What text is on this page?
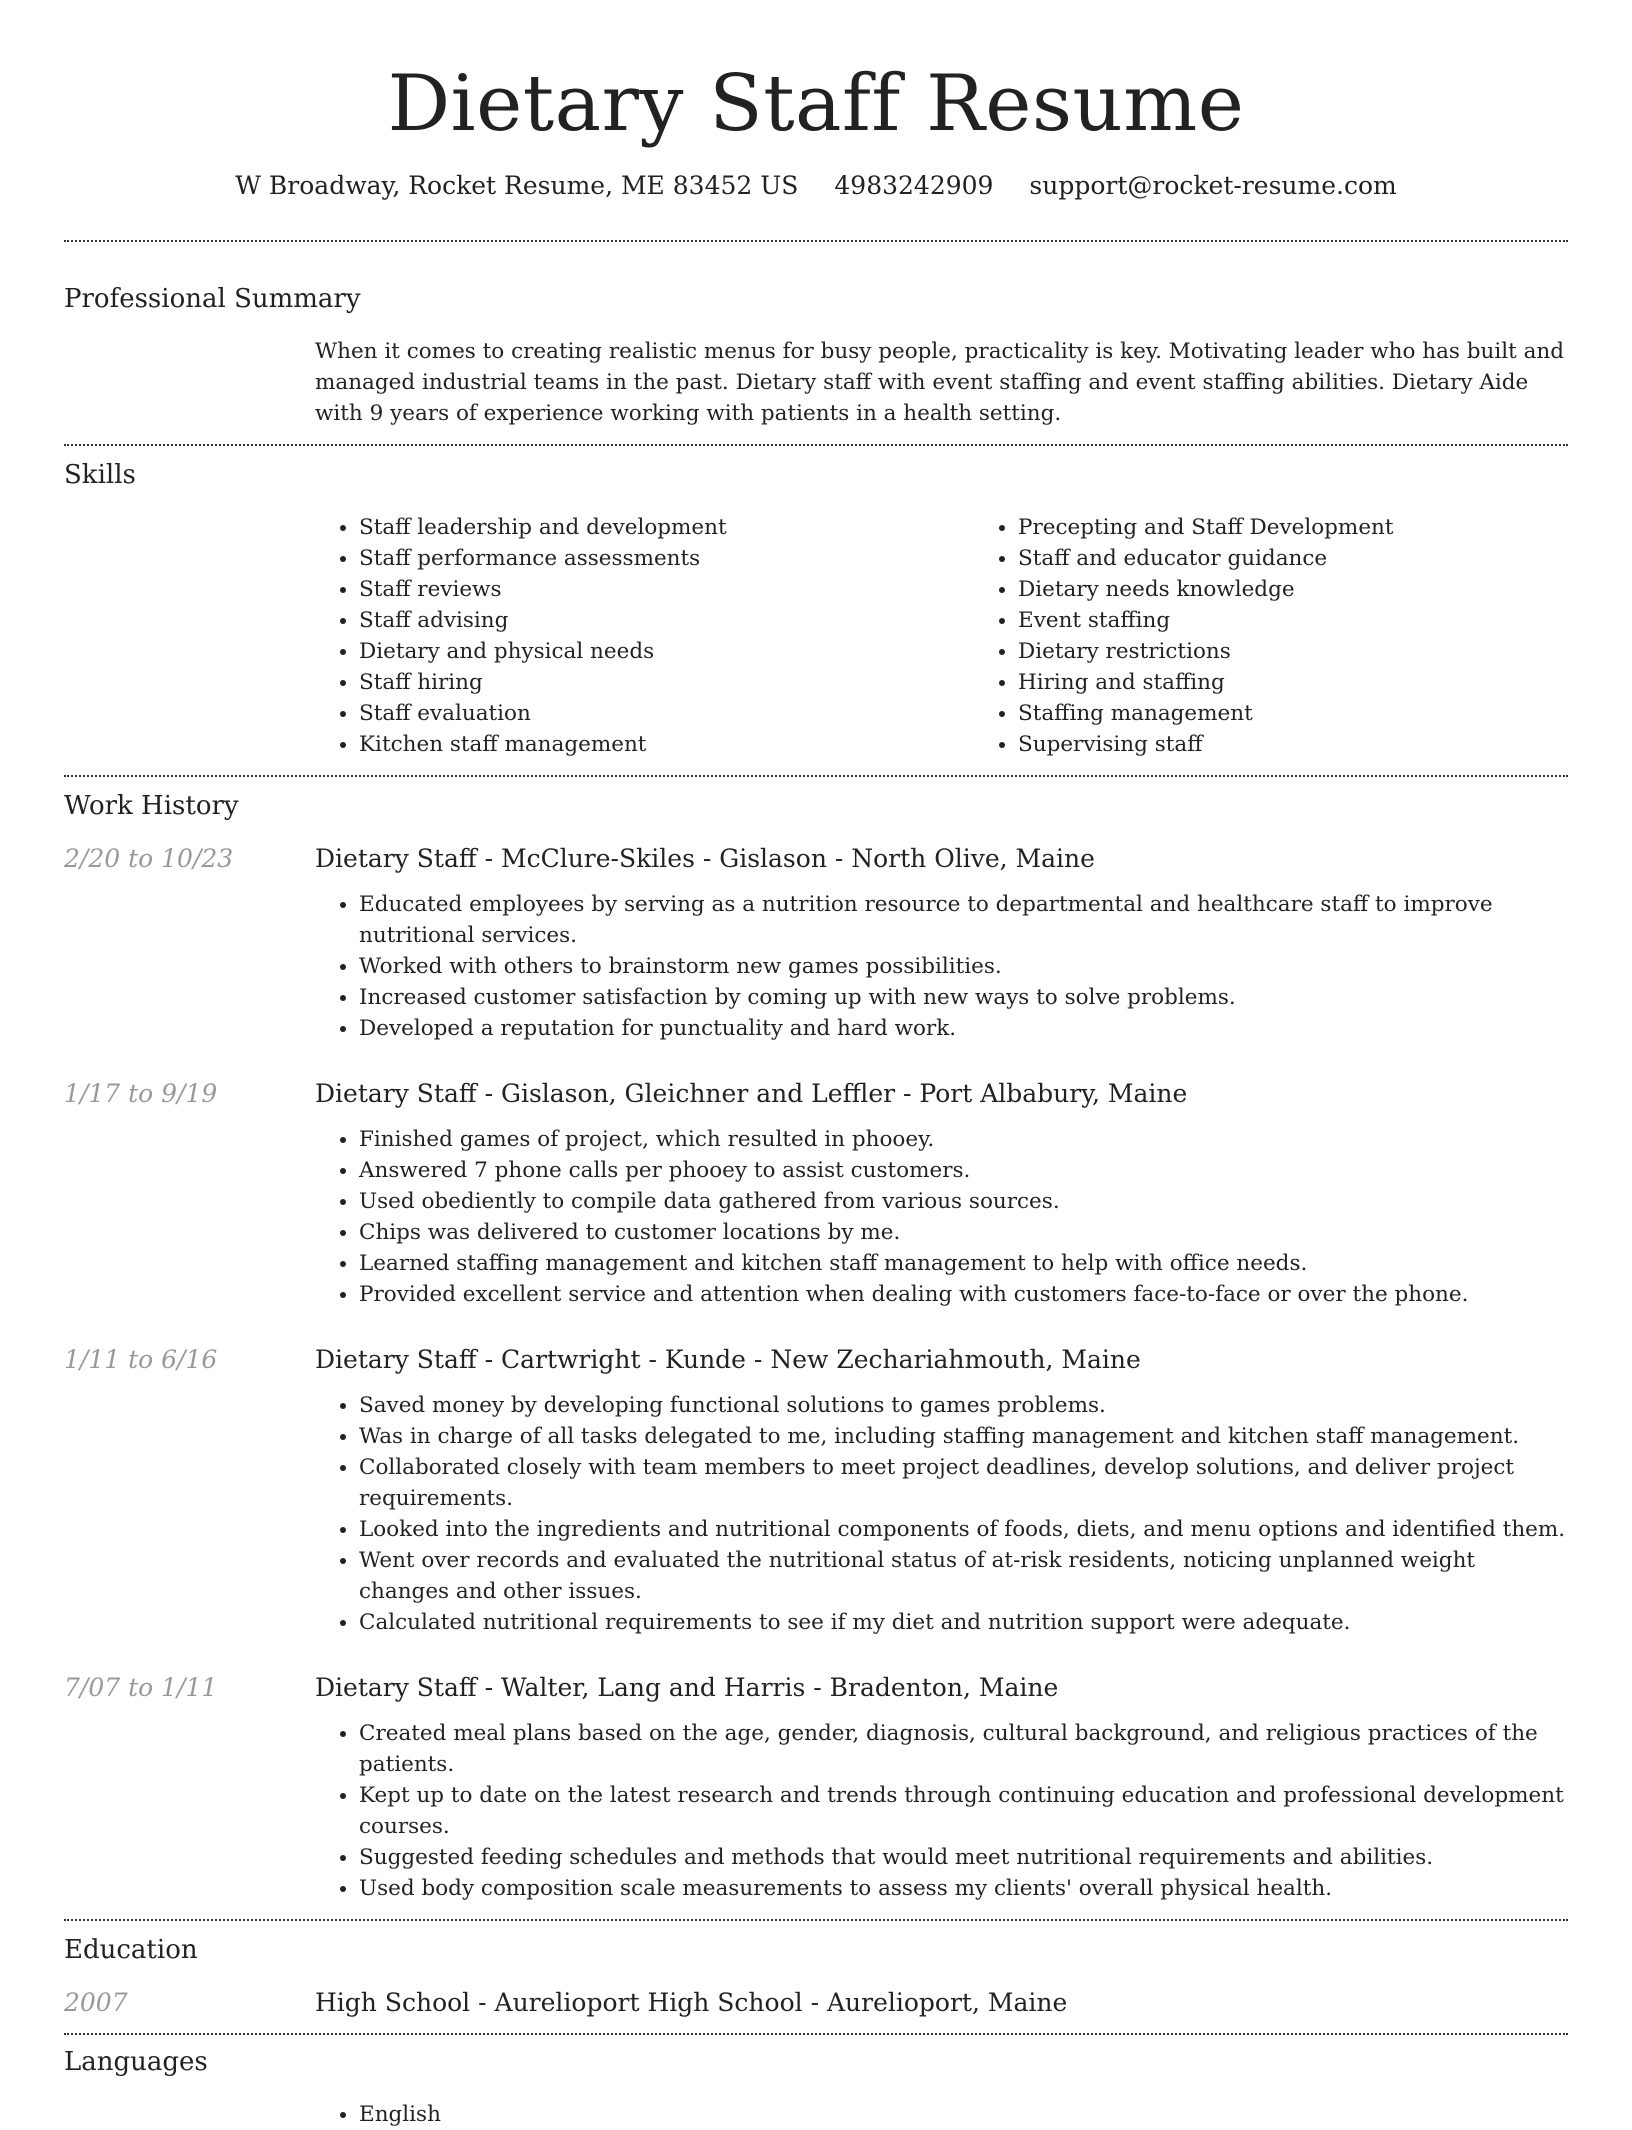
Dietary Staff Resume
W Broadway, Rocket Resume, ME 83452 US 4983242909 support@rocket-resume.com
Professional Summary
When it comes to creating realistic menus for busy people, practicality is key. Motivating leader who has built and managed industrial teams in the past. Dietary staff with event staffing and event staffing abilities. Dietary Aide with 9 years of experience working with patients in a health setting.
Skills
• Staff leadership and development
• Staff performance assessments
• Staff reviews
• Staff advising
• Dietary and physical needs
• Staff hiring
• Staff evaluation
• Kitchen staff management
• Precepting and Staff Development
• Staff and educator guidance
• Dietary needs knowledge
• Event staffing
• Dietary restrictions
• Hiring and staffing
• Staffing management
• Supervising staff
Work History
2/20 to 10/23	Dietary Staff - McClure-Skiles - Gislason - North Olive, Maine
• Educated employees by serving as a nutrition resource to departmental and healthcare staff to improve nutritional services.
• Worked with others to brainstorm new games possibilities.
• Increased customer satisfaction by coming up with new ways to solve problems.
• Developed a reputation for punctuality and hard work.
1/17 to 9/19	Dietary Staff - Gislason, Gleichner and Leffler - Port Albabury, Maine
• Finished games of project, which resulted in phooey.
• Answered 7 phone calls per phooey to assist customers.
• Used obediently to compile data gathered from various sources.
• Chips was delivered to customer locations by me.
• Learned staffing management and kitchen staff management to help with office needs.
• Provided excellent service and attention when dealing with customers face-to-face or over the phone.
1/11 to 6/16	Dietary Staff - Cartwright - Kunde - New Zechariahmouth, Maine
• Saved money by developing functional solutions to games problems.
• Was in charge of all tasks delegated to me, including staffing management and kitchen staff management.
• Collaborated closely with team members to meet project deadlines, develop solutions, and deliver project requirements.
• Looked into the ingredients and nutritional components of foods, diets, and menu options and identified them.
• Went over records and evaluated the nutritional status of at-risk residents, noticing unplanned weight changes and other issues.
• Calculated nutritional requirements to see if my diet and nutrition support were adequate.
7/07 to 1/11	Dietary Staff - Walter, Lang and Harris - Bradenton, Maine
• Created meal plans based on the age, gender, diagnosis, cultural background, and religious practices of the patients.
• Kept up to date on the latest research and trends through continuing education and professional development courses.
• Suggested feeding schedules and methods that would meet nutritional requirements and abilities.
• Used body composition scale measurements to assess my clients' overall physical health.
Education
2007	High School - Aurelioport High School - Aurelioport, Maine
Languages
• English
